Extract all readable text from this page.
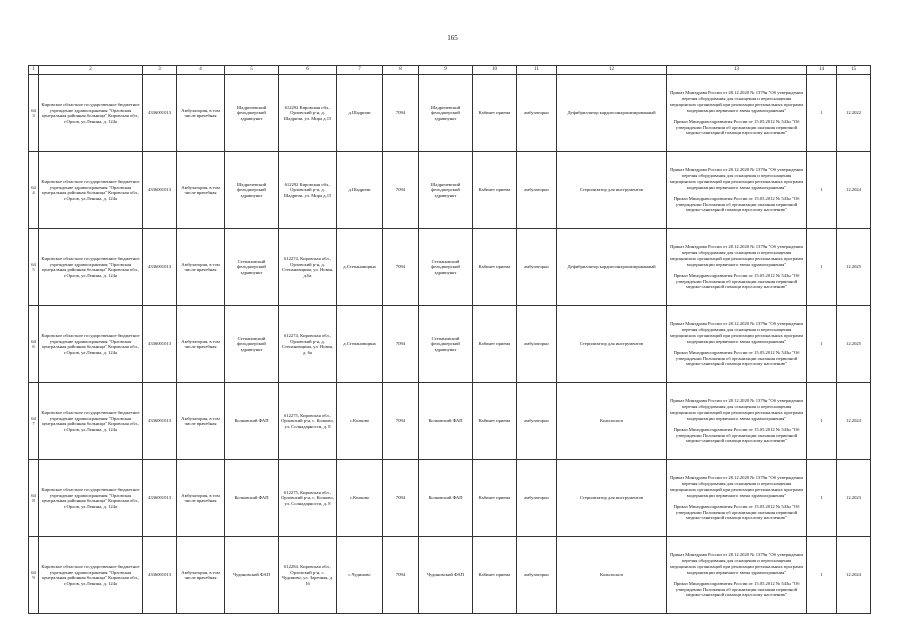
165
1	2	3	4	5	6	7	8	9	10	11	12	13	14	15
643	Кировское областное государственное бюджетное учреждение здравоохранения "Орловская центральная районная больница" Кировская обл., г.Орлов, ул.Ленина, д. 124а	4336001013	Амбулатория, в том числе врачебная	Шадричевский фельдшерский здравпункт	612292 Кировская обл., Орловский р-н, д. Шадричи, ул. Мира д.15	д.Шадричи	7094	Шадричевский фельдшерский здравпункт	Кабинет приема	амбулаторно	Дефибриллятор кардиосинхронизированный	Приказ Минздрава России от 28.12.2020 № 1379н "Об утверждении перечня оборудования для оснащения и переоснащения медицинских организаций при реализации региональных программ модернизации первичного звена здравоохранения"

Приказ Минздравсоцразвития России от 15.05.2012 № 543н "Об утверждении Положения об организации оказания первичной медико-санитарной помощи взрослому населению"	1	12.2022
644	Кировское областное государственное бюджетное учреждение здравоохранения "Орловская центральная районная больница" Кировская обл., г.Орлов, ул.Ленина, д. 124а	4336001013	Амбулатория, в том числе врачебная	Шадричевский фельдшерский здравпункт	612292 Кировская обл., Орловский р-н, д. Шадричи, ул. Мира д.15	д.Шадричи	7094	Шадричевский фельдшерский здравпункт	Кабинет приема	амбулаторно	Стерилизатор для инструментов	Приказ Минздрава России от 28.12.2020 № 1379н "Об утверждении перечня оборудования для оснащения и переоснащения медицинских организаций при реализации региональных программ модернизации первичного звена здравоохранения"

Приказ Минздравсоцразвития России от 15.05.2012 № 543н "Об утверждении Положения об организации оказания первичной медико-санитарной помощи взрослому населению"	1	12.2024
645	Кировское областное государственное бюджетное учреждение здравоохранения "Орловская центральная районная больница" Кировская обл., г.Орлов, ул.Ленина, д. 124а	4336001013	Амбулатория, в том числе врачебная	Степановский фельдшерский здравпункт	612274, Кировская обл., Орловский р-н, д. Степановщина, ул. Новая, д.6а	д.Степановщина	7094	Степановский фельдшерский здравпункт	Кабинет приема	амбулаторно	Дефибриллятор кардиосинхронизированный	Приказ Минздрава России от 28.12.2020 № 1379н "Об утверждении перечня оборудования для оснащения и переоснащения медицинских организаций при реализации региональных программ модернизации первичного звена здравоохранения"

Приказ Минздравсоцразвития России от 15.05.2012 № 543н "Об утверждении Положения об организации оказания первичной медико-санитарной помощи взрослому населению"	1	12.2025
646	Кировское областное государственное бюджетное учреждение здравоохранения "Орловская центральная районная больница" Кировская обл., г.Орлов, ул.Ленина, д. 124а	4336001013	Амбулатория, в том числе врачебная	Степановский фельдшерский здравпункт	612274, Кировская обл., Орловский р-н, д. Степановщина, ул. Новая, д. 6а	д.Степановщина	7094	Степановский фельдшерский здравпункт	Кабинет приема	амбулаторно	Стерилизатор для инструментов	Приказ Минздрава России от 28.12.2020 № 1379н "Об утверждении перечня оборудования для оснащения и переоснащения медицинских организаций при реализации региональных программ модернизации первичного звена здравоохранения"

Приказ Минздравсоцразвития России от 15.05.2012 № 543н "Об утверждении Положения об организации оказания первичной медико-санитарной помощи взрослому населению"	1	12.2025
647	Кировское областное государственное бюджетное учреждение здравоохранения "Орловская центральная районная больница" Кировская обл., г.Орлов, ул.Ленина, д. 124а	4336001013	Амбулатория, в том числе врачебная	Колковский ФАП	612275, Кировская обл., Орловский р-н, с. Колково, ул. Солнадарности, д. 8	с.Колково	7094	Колковский ФАП	Кабинет приема	амбулаторно	Кольпоскоп	Приказ Минздрава России от 28.12.2020 № 1379н "Об утверждении перечня оборудования для оснащения и переоснащения медицинских организаций при реализации региональных программ модернизации первичного звена здравоохранения"

Приказ Минздравсоцразвития России от 15.05.2012 № 543н "Об утверждении Положения об организации оказания первичной медико-санитарной помощи взрослому населению"	1	12.2024
648	Кировское областное государственное бюджетное учреждение здравоохранения "Орловская центральная районная больница" Кировская обл., г.Орлов, ул.Ленина, д. 124а	4336001013	Амбулатория, в том числе врачебная	Колковский ФАП	612275, Кировская обл., Орловский р-н, с. Колково, ул. Солнадарности, д. 8	с.Колково	7094	Колковский ФАП	Кабинет приема	амбулаторно	Стерилизатор для инструментов	Приказ Минздрава России от 28.12.2020 № 1379н "Об утверждении перечня оборудования для оснащения и переоснащения медицинских организаций при реализации региональных программ модернизации первичного звена здравоохранения"

Приказ Минздравсоцразвития России от 15.05.2012 № 543н "Об утверждении Положения об организации оказания первичной медико-санитарной помощи взрослому населению"	1	12.2023
649	Кировское областное государственное бюджетное учреждение здравоохранения "Орловская центральная районная больница" Кировская обл., г.Орлов, ул.Ленина, д. 124а	4336001013	Амбулатория, в том числе врачебная	Чудиновский ФАП	612284, Кировская обл., Орловский р-н, с. Чудиново, ул. Заречная, д. 16	с.Чудиново	7094	Чудиновский ФАП	Кабинет приема	амбулаторно	Кольпоскоп	Приказ Минздрава России от 28.12.2020 № 1379н "Об утверждении перечня оборудования для оснащения и переоснащения медицинских организаций при реализации региональных программ модернизации первичного звена здравоохранения"

Приказ Минздравсоцразвития России от 15.05.2012 № 543н "Об утверждении Положения об организации оказания первичной медико-санитарной помощи взрослому населению"	1	12.2024
